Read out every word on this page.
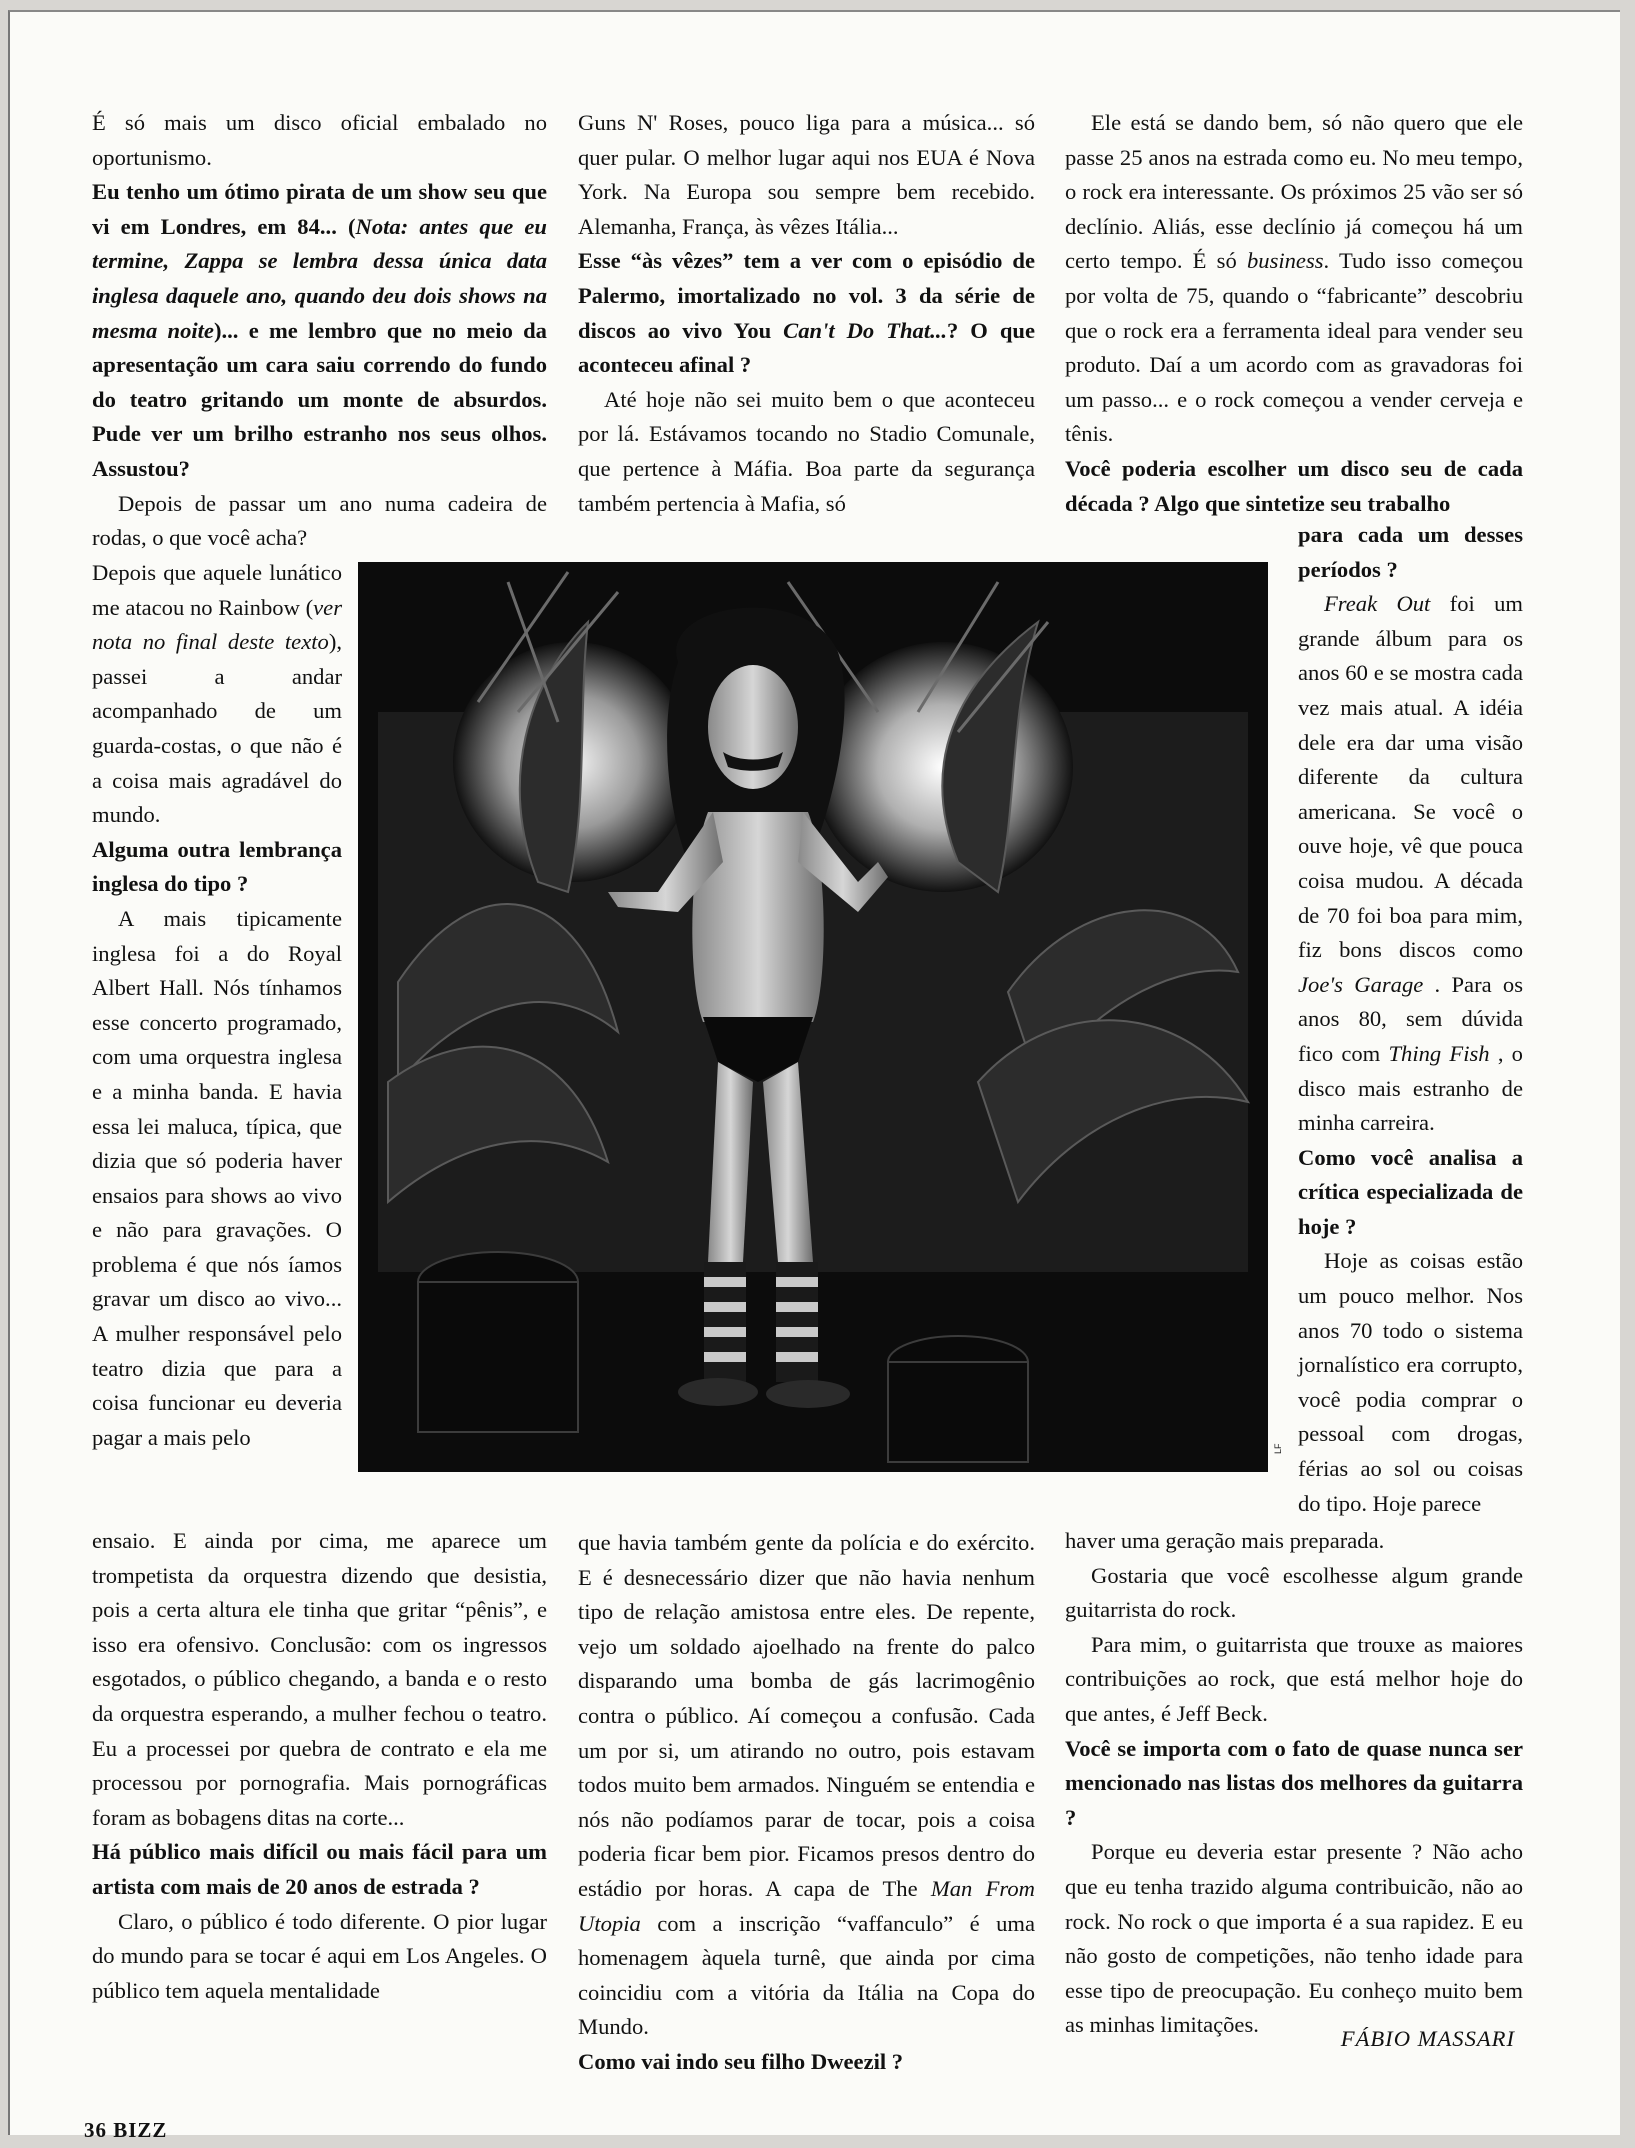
É só mais um disco oficial embalado no oportunismo.

Eu tenho um ótimo pirata de um show seu que vi em Londres, em 84... (Nota: antes que eu termine, Zappa se lembra dessa única data inglesa daquele ano, quando deu dois shows na mesma noite)... e me lembro que no meio da apresentação um cara saiu correndo do fundo do teatro gritando um monte de absurdos. Pude ver um brilho estranho nos seus olhos. Assustou?

Depois de passar um ano numa cadeira de rodas, o que você acha?

Depois que aquele lunático me atacou no Rainbow (ver nota no final deste texto), passei a andar acompanhado de um guarda-costas, o que não é a coisa mais agradável do mundo.

Alguma outra lembrança inglesa do tipo ?

A mais tipicamente inglesa foi a do Royal Albert Hall. Nós tínhamos esse concerto programado, com uma orquestra inglesa e a minha banda. E havia essa lei maluca, típica, que dizia que só poderia haver ensaios para shows ao vivo e não para gravações. O problema é que nós íamos gravar um disco ao vivo... A mulher responsável pelo teatro dizia que para a coisa funcionar eu deveria pagar a mais pelo

ensaio. E ainda por cima, me aparece um trompetista da orquestra dizendo que desistia, pois a certa altura ele tinha que gritar “pênis”, e isso era ofensivo. Conclusão: com os ingressos esgotados, o público chegando, a banda e o resto da orquestra esperando, a mulher fechou o teatro. Eu a processei por quebra de contrato e ela me processou por pornografia. Mais pornográficas foram as bobagens ditas na corte...

Há público mais difícil ou mais fácil para um artista com mais de 20 anos de estrada ?

Claro, o público é todo diferente. O pior lugar do mundo para se tocar é aqui em Los Angeles. O público tem aquela mentalidade

Guns N' Roses, pouco liga para a música... só quer pular. O melhor lugar aqui nos EUA é Nova York. Na Europa sou sempre bem recebido. Alemanha, França, às vêzes Itália...

Esse “às vêzes” tem a ver com o episódio de Palermo, imortalizado no vol. 3 da série de discos ao vivo You Can't Do That...? O que aconteceu afinal ?

Até hoje não sei muito bem o que aconteceu por lá. Estávamos tocando no Stadio Comunale, que pertence à Máfia. Boa parte da segurança também pertencia à Mafia, só

que havia também gente da polícia e do exército. E é desnecessário dizer que não havia nenhum tipo de relação amistosa entre eles. De repente, vejo um soldado ajoelhado na frente do palco disparando uma bomba de gás lacrimogênio contra o público. Aí começou a confusão. Cada um por si, um atirando no outro, pois estavam todos muito bem armados. Ninguém se entendia e nós não podíamos parar de tocar, pois a coisa poderia ficar bem pior. Ficamos presos dentro do estádio por horas. A capa de The Man From Utopia com a inscrição “vaffanculo” é uma homenagem àquela turnê, que ainda por cima coincidiu com a vitória da Itália na Copa do Mundo.

Como vai indo seu filho Dweezil ?

Ele está se dando bem, só não quero que ele passe 25 anos na estrada como eu. No meu tempo, o rock era interessante. Os próximos 25 vão ser só declínio. Aliás, esse declínio já começou há um certo tempo. É só business. Tudo isso começou por volta de 75, quando o “fabricante” descobriu que o rock era a ferramenta ideal para vender seu produto. Daí a um acordo com as gravadoras foi um passo... e o rock começou a vender cerveja e tênis.

Você poderia escolher um disco seu de cada década ? Algo que sintetize seu trabalho

para cada um desses períodos ?

Freak Out foi um grande álbum para os anos 60 e se mostra cada vez mais atual. A idéia dele era dar uma visão diferente da cultura americana. Se você o ouve hoje, vê que pouca coisa mudou. A década de 70 foi boa para mim, fiz bons discos como Joe's Garage . Para os anos 80, sem dúvida fico com Thing Fish , o disco mais estranho de minha carreira.

Como você analisa a crítica especializada de hoje ?

Hoje as coisas estão um pouco melhor. Nos anos 70 todo o sistema jornalístico era corrupto, você podia comprar o pessoal com drogas, férias ao sol ou coisas do tipo. Hoje parece

haver uma geração mais preparada.

Gostaria que você escolhesse algum grande guitarrista do rock.

Para mim, o guitarrista que trouxe as maiores contribuições ao rock, que está melhor hoje do que antes, é Jeff Beck.

Você se importa com o fato de quase nunca ser mencionado nas listas dos melhores da guitarra ?

Porque eu deveria estar presente ? Não acho que eu tenha trazido alguma contribuicão, não ao rock. No rock o que importa é a sua rapidez. E eu não gosto de competições, não tenho idade para esse tipo de preocupação. Eu conheço muito bem as minhas limitações.

LF
FÁBIO MASSARI
36 BIZZ
